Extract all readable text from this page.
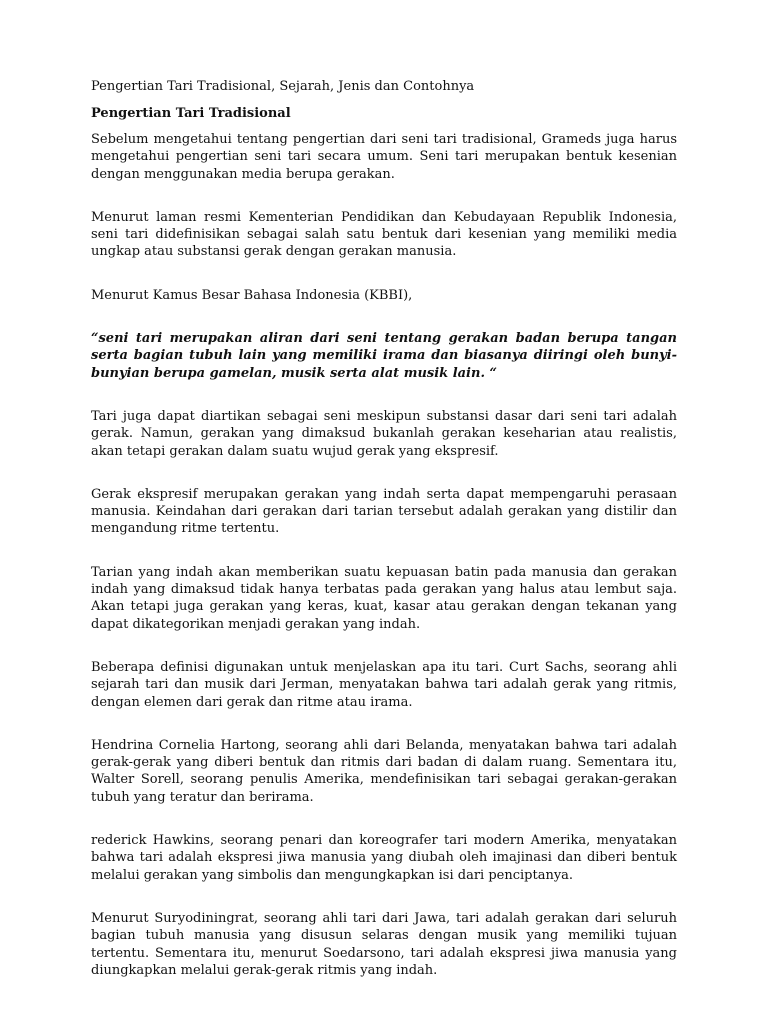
Pengertian Tari Tradisional, Sejarah, Jenis dan Contohnya
Pengertian Tari Tradisional

Sebelum mengetahui tentang pengertian dari seni tari tradisional, Grameds juga harus mengetahui pengertian seni tari secara umum. Seni tari merupakan bentuk kesenian dengan menggunakan media berupa gerakan.

Menurut laman resmi Kementerian Pendidikan dan Kebudayaan Republik Indonesia, seni tari didefinisikan sebagai salah satu bentuk dari kesenian yang memiliki media ungkap atau substansi gerak dengan gerakan manusia.

Menurut Kamus Besar Bahasa Indonesia (KBBI),

“seni tari merupakan aliran dari seni tentang gerakan badan berupa tangan serta bagian tubuh lain yang memiliki irama dan biasanya diiringi oleh bunyi-bunyian berupa gamelan, musik serta alat musik lain. “

Tari juga dapat diartikan sebagai seni meskipun substansi dasar dari seni tari adalah gerak. Namun, gerakan yang dimaksud bukanlah gerakan keseharian atau realistis, akan tetapi gerakan dalam suatu wujud gerak yang ekspresif.

Gerak ekspresif merupakan gerakan yang indah serta dapat mempengaruhi perasaan manusia. Keindahan dari gerakan dari tarian tersebut adalah gerakan yang distilir dan mengandung ritme tertentu.

Tarian yang indah akan memberikan suatu kepuasan batin pada manusia dan gerakan indah yang dimaksud tidak hanya terbatas pada gerakan yang halus atau lembut saja. Akan tetapi juga gerakan yang keras, kuat, kasar atau gerakan dengan tekanan yang dapat dikategorikan menjadi gerakan yang indah.

Beberapa definisi digunakan untuk menjelaskan apa itu tari. Curt Sachs, seorang ahli sejarah tari dan musik dari Jerman, menyatakan bahwa tari adalah gerak yang ritmis, dengan elemen dari gerak dan ritme atau irama.

Hendrina Cornelia Hartong, seorang ahli dari Belanda, menyatakan bahwa tari adalah gerak-gerak yang diberi bentuk dan ritmis dari badan di dalam ruang. Sementara itu, Walter Sorell, seorang penulis Amerika, mendefinisikan tari sebagai gerakan-gerakan tubuh yang teratur dan berirama.

rederick Hawkins, seorang penari dan koreografer tari modern Amerika, menyatakan bahwa tari adalah ekspresi jiwa manusia yang diubah oleh imajinasi dan diberi bentuk melalui gerakan yang simbolis dan mengungkapkan isi dari penciptanya.

Menurut Suryodiningrat, seorang ahli tari dari Jawa, tari adalah gerakan dari seluruh bagian tubuh manusia yang disusun selaras dengan musik yang memiliki tujuan tertentu. Sementara itu, menurut Soedarsono, tari adalah ekspresi jiwa manusia yang diungkapkan melalui gerak-gerak ritmis yang indah.
